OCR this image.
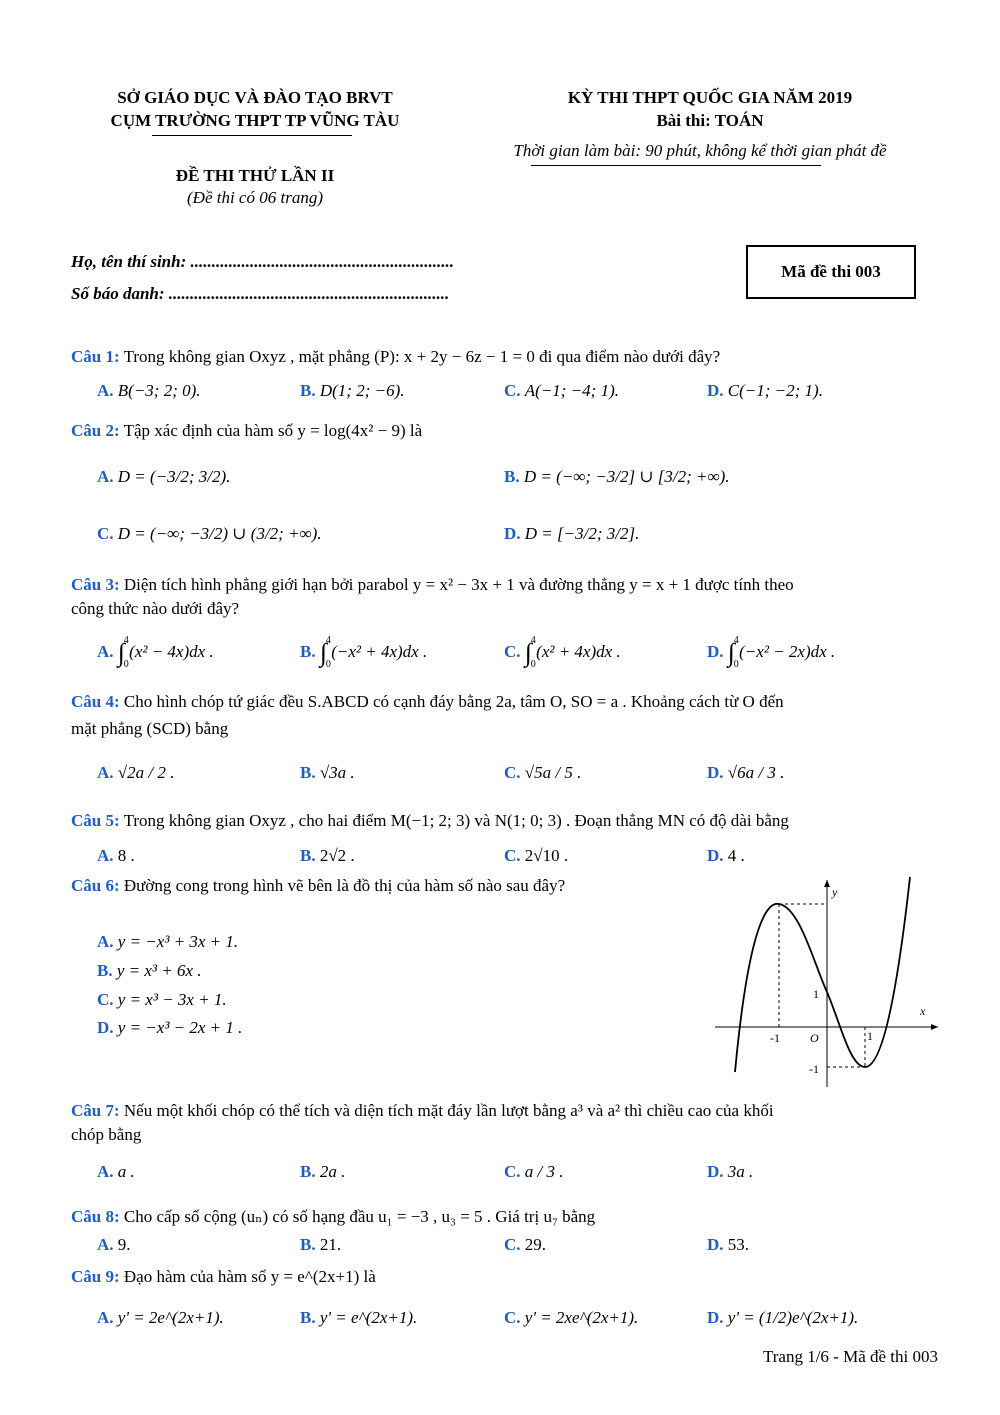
SỞ GIÁO DỤC VÀ ĐÀO TẠO BRVT
CỤM TRƯỜNG THPT TP VŨNG TÀU
KỲ THI THPT QUỐC GIA NĂM 2019
Bài thi: TOÁN
Thời gian làm bài: 90 phút, không kể thời gian phát đề
ĐỀ THI THỬ LẦN II
(Đề thi có 06 trang)
Họ, tên thí sinh: ..............................................................
Số báo danh: ..................................................................
Mã đề thi 003
Câu 1: Trong không gian Oxyz , mặt phẳng (P): x + 2y − 6z − 1 = 0 đi qua điểm nào dưới đây?
A. B(−3; 2; 0).	B. D(1; 2; −6).	C. A(−1; −4; 1).	D. C(−1; −2; 1).
Câu 2: Tập xác định của hàm số y = log(4x² − 9) là
A. D = (−3/2; 3/2).	B. D = (−∞; −3/2] ∪ [3/2; +∞).
C. D = (−∞; −3/2) ∪ (3/2; +∞).	D. D = [−3/2; 3/2].
Câu 3: Diện tích hình phẳng giới hạn bởi parabol y = x² − 3x + 1 và đường thẳng y = x + 1 được tính theo
công thức nào dưới đây?
A. ∫
4
0
(x² − 4x)dx .	B. ∫
4
0
(−x² + 4x)dx .	C. ∫
4
0
(x² + 4x)dx .	D. ∫
4
0
(−x² − 2x)dx .
Câu 4: Cho hình chóp tứ giác đều S.ABCD có cạnh đáy bằng 2a, tâm O, SO = a . Khoảng cách từ O đến
mặt phẳng (SCD) bằng
A. √2a / 2 .	B. √3a .	C. √5a / 5 .	D. √6a / 3 .
Câu 5: Trong không gian Oxyz , cho hai điểm M(−1; 2; 3) và N(1; 0; 3) . Đoạn thẳng MN có độ dài bằng
A. 8 .	B. 2√2 .	C. 2√10 .	D. 4 .
Câu 6: Đường cong trong hình vẽ bên là đồ thị của hàm số nào sau đây?
A. y = −x³ + 3x + 1.
B. y = x³ + 6x .
C. y = x³ − 3x + 1.
D. y = −x³ − 2x + 1 .
y
x
O
-1	1
1
-1
Câu 7: Nếu một khối chóp có thể tích và diện tích mặt đáy lần lượt bằng a³ và a² thì chiều cao của khối
chóp bằng
A. a .	B. 2a .	C. a / 3 .	D. 3a .
Câu 8: Cho cấp số cộng (uₙ) có số hạng đầu u₁ = −3 , u₃ = 5 . Giá trị u₇ bằng
A. 9.	B. 21.	C. 29.	D. 53.
Câu 9: Đạo hàm của hàm số y = e^(2x+1) là
A. y' = 2e^(2x+1).	B. y' = e^(2x+1).	C. y' = 2xe^(2x+1).	D. y' = (1/2)e^(2x+1).
Trang 1/6 - Mã đề thi 003
